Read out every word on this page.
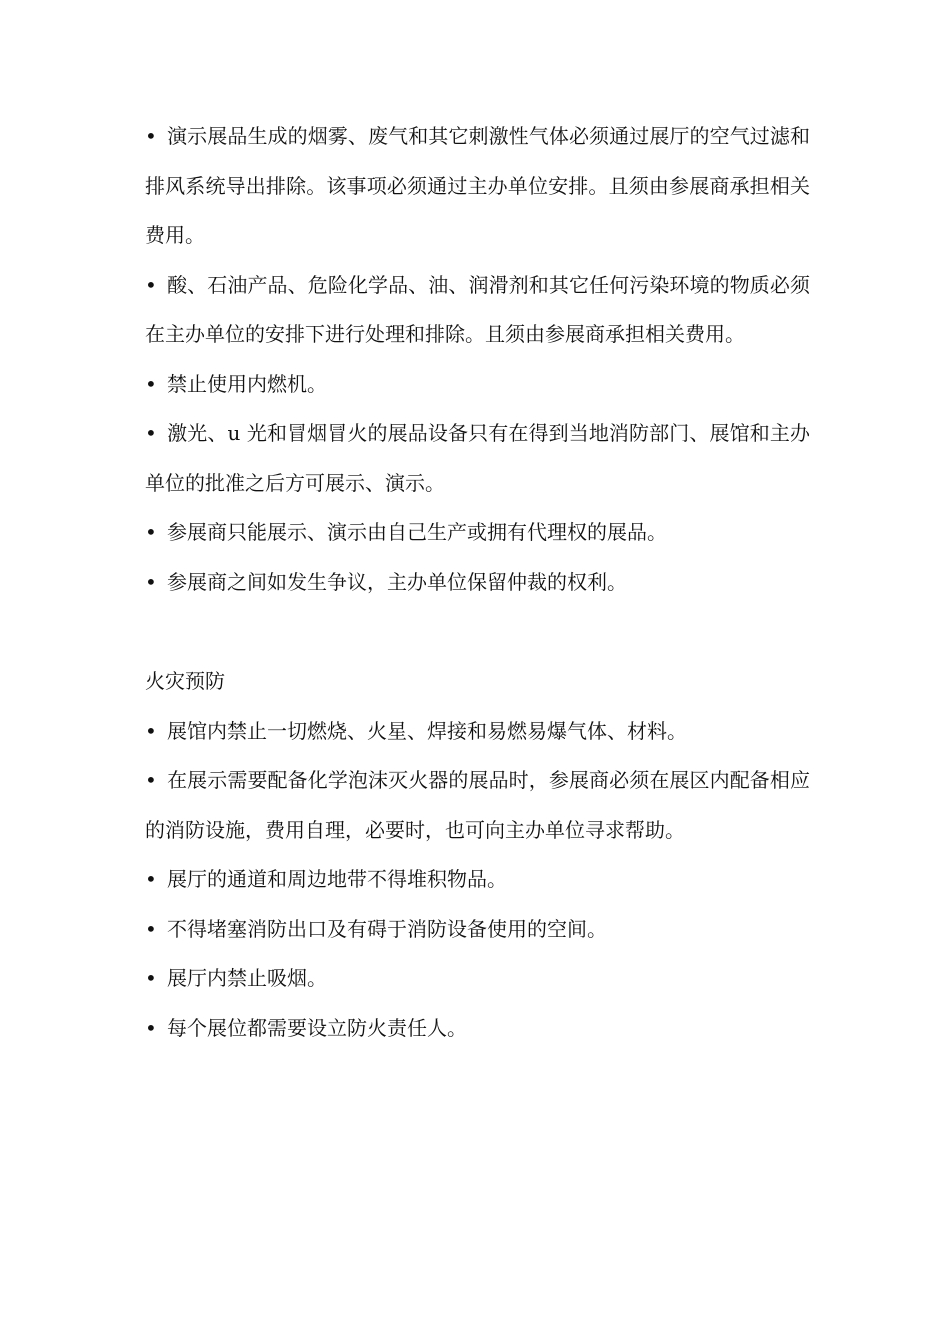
• 演示展品生成的烟雾、废气和其它刺激性气体必须通过展厅的空气过滤和排风系统导出排除。该事项必须通过主办单位安排。且须由参展商承担相关费用。

• 酸、石油产品、危险化学品、油、润滑剂和其它任何污染环境的物质必须在主办单位的安排下进行处理和排除。且须由参展商承担相关费用。

• 禁止使用内燃机。

• 激光、u 光和冒烟冒火的展品设备只有在得到当地消防部门、展馆和主办单位的批准之后方可展示、演示。

• 参展商只能展示、演示由自己生产或拥有代理权的展品。

• 参展商之间如发生争议，主办单位保留仲裁的权利。

火灾预防

• 展馆内禁止一切燃烧、火星、焊接和易燃易爆气体、材料。

• 在展示需要配备化学泡沫灭火器的展品时，参展商必须在展区内配备相应的消防设施，费用自理，必要时，也可向主办单位寻求帮助。

• 展厅的通道和周边地带不得堆积物品。

• 不得堵塞消防出口及有碍于消防设备使用的空间。

• 展厅内禁止吸烟。

• 每个展位都需要设立防火责任人。
